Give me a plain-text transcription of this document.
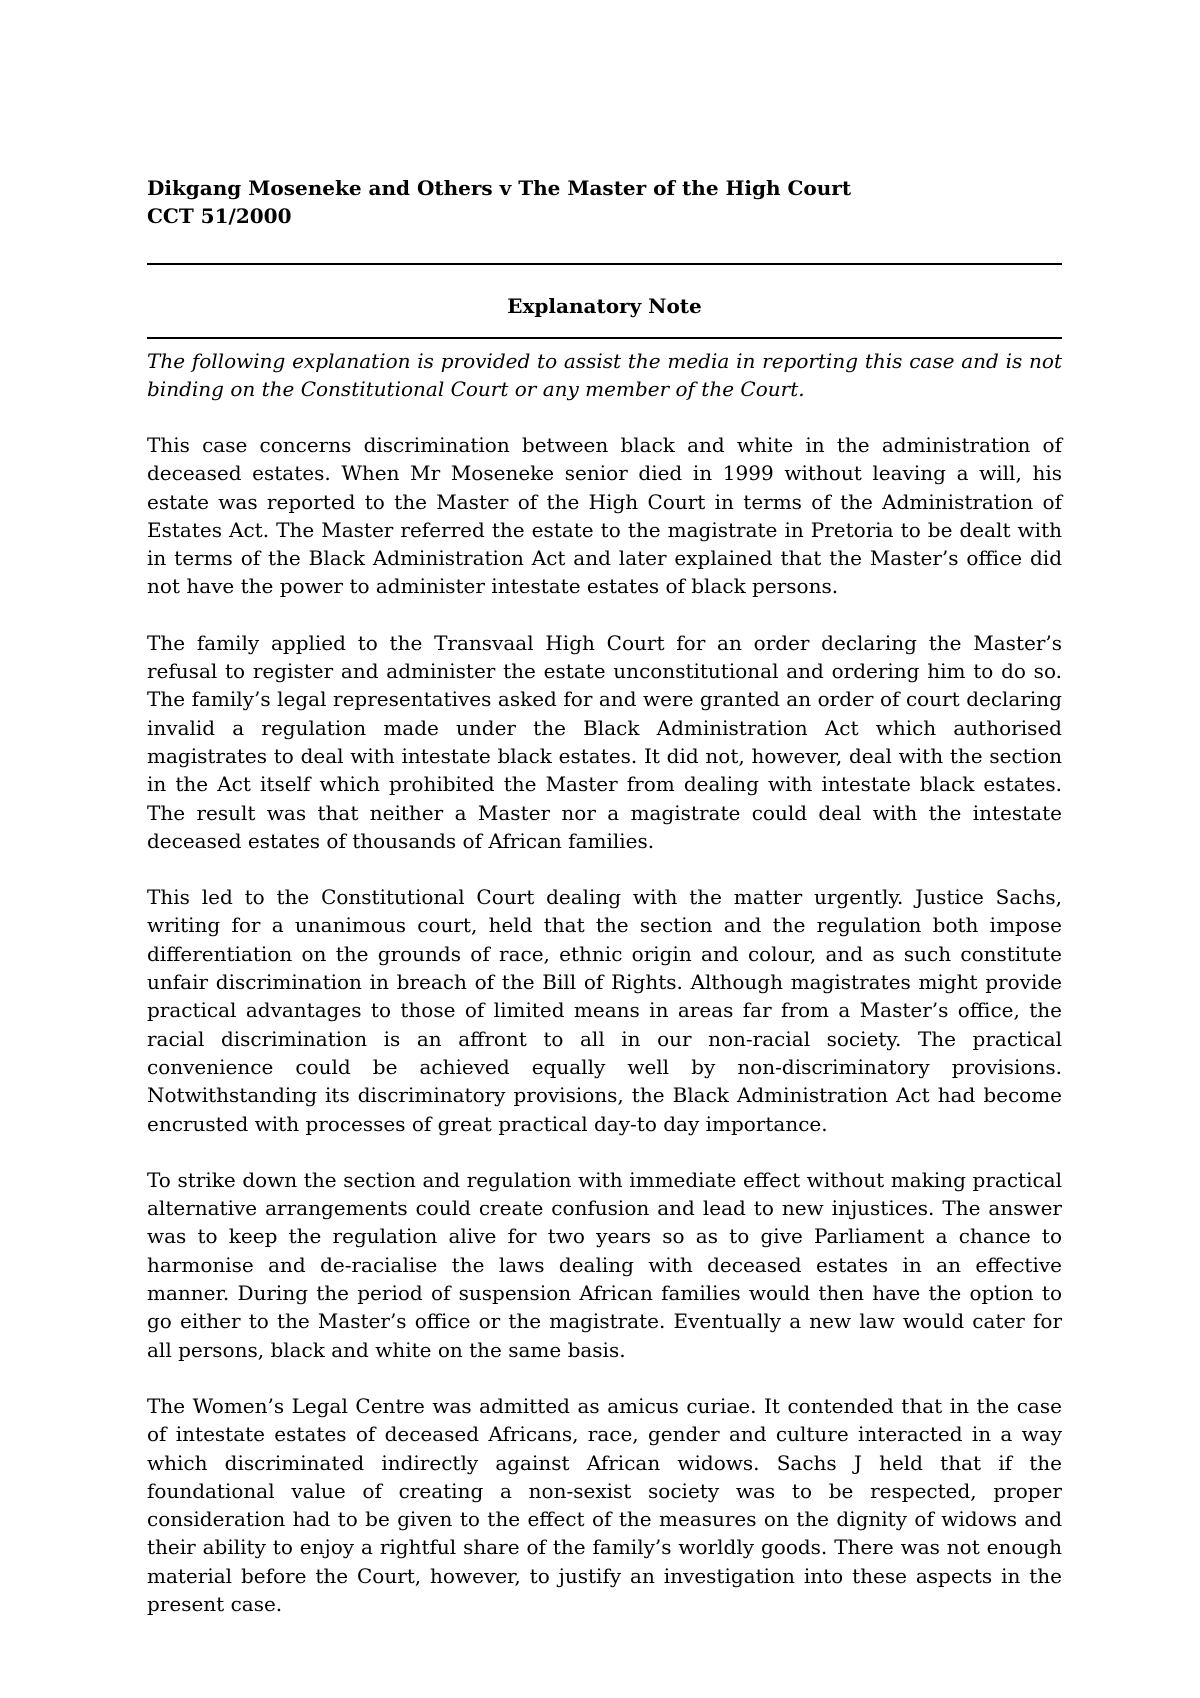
Dikgang Moseneke and Others v The Master of the High Court

CCT 51/2000

Explanatory Note

The following explanation is provided to assist the media in reporting this case and is not binding on the Constitutional Court or any member of the Court.

This case concerns discrimination between black and white in the administration of deceased estates. When Mr Moseneke senior died in 1999 without leaving a will, his estate was reported to the Master of the High Court in terms of the Administration of Estates Act. The Master referred the estate to the magistrate in Pretoria to be dealt with in terms of the Black Administration Act and later explained that the Master’s office did not have the power to administer intestate estates of black persons.

The family applied to the Transvaal High Court for an order declaring the Master’s refusal to register and administer the estate unconstitutional and ordering him to do so. The family’s legal representatives asked for and were granted an order of court declaring invalid a regulation made under the Black Administration Act which authorised magistrates to deal with intestate black estates. It did not, however, deal with the section in the Act itself which prohibited the Master from dealing with intestate black estates. The result was that neither a Master nor a magistrate could deal with the intestate deceased estates of thousands of African families.

This led to the Constitutional Court dealing with the matter urgently. Justice Sachs, writing for a unanimous court, held that the section and the regulation both impose differentiation on the grounds of race, ethnic origin and colour, and as such constitute unfair discrimination in breach of the Bill of Rights. Although magistrates might provide practical advantages to those of limited means in areas far from a Master’s office, the racial discrimination is an affront to all in our non-racial society. The practical convenience could be achieved equally well by non-discriminatory provisions. Notwithstanding its discriminatory provisions, the Black Administration Act had become encrusted with processes of great practical day-to day importance.

To strike down the section and regulation with immediate effect without making practical alternative arrangements could create confusion and lead to new injustices. The answer was to keep the regulation alive for two years so as to give Parliament a chance to harmonise and de-racialise the laws dealing with deceased estates in an effective manner. During the period of suspension African families would then have the option to go either to the Master’s office or the magistrate. Eventually a new law would cater for all persons, black and white on the same basis.

The Women’s Legal Centre was admitted as amicus curiae. It contended that in the case of intestate estates of deceased Africans, race, gender and culture interacted in a way which discriminated indirectly against African widows. Sachs J held that if the foundational value of creating a non-sexist society was to be respected, proper consideration had to be given to the effect of the measures on the dignity of widows and their ability to enjoy a rightful share of the family’s worldly goods. There was not enough material before the Court, however, to justify an investigation into these aspects in the present case.
